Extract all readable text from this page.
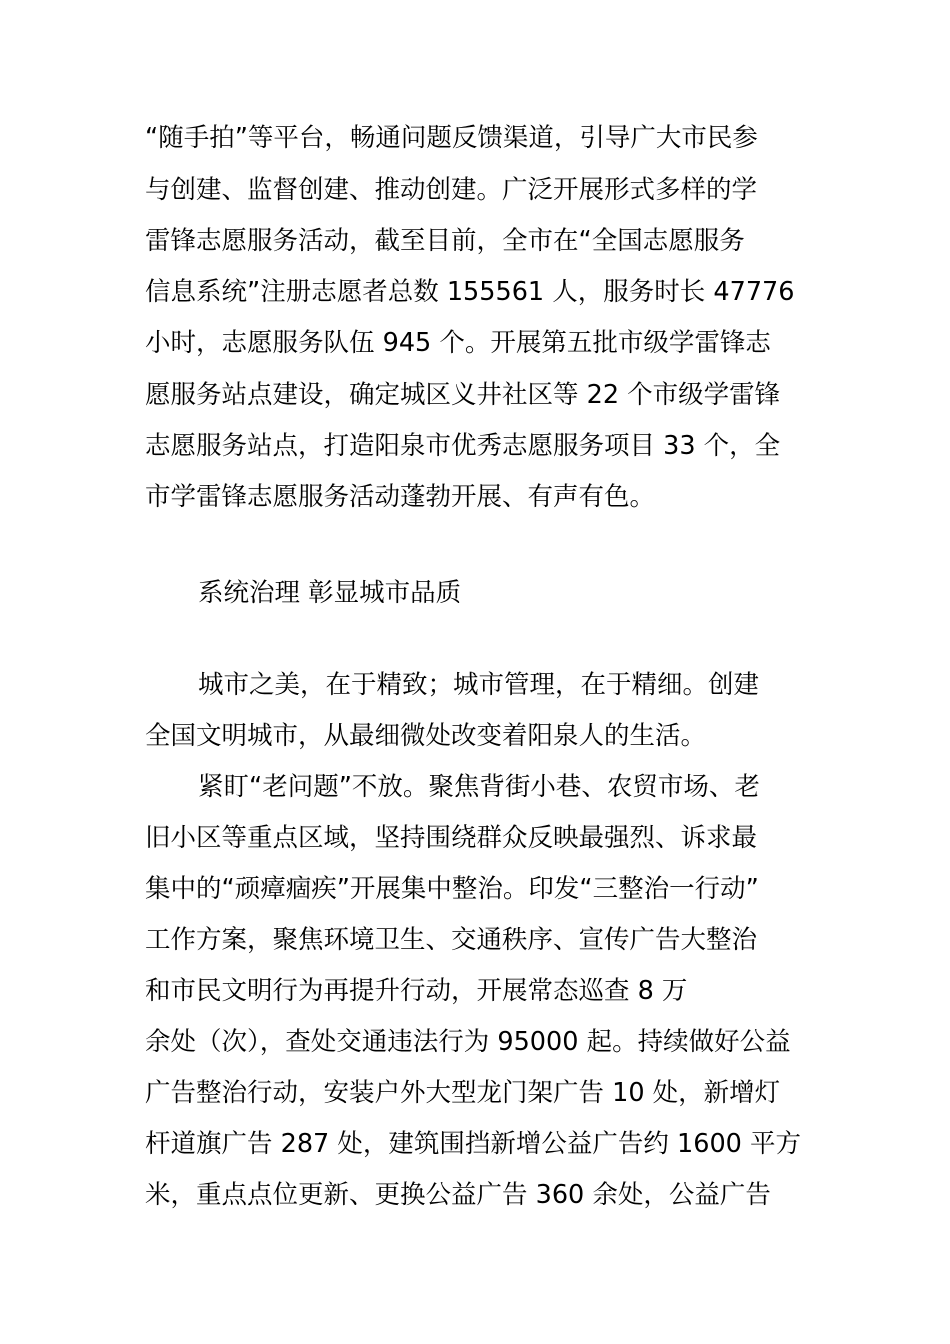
“随手拍”等平台，畅通问题反馈渠道，引导广大市民参
与创建、监督创建、推动创建。广泛开展形式多样的学
雷锋志愿服务活动，截至目前，全市在“全国志愿服务
信息系统”注册志愿者总数 155561 人，服务时长 47776
小时，志愿服务队伍 945 个。开展第五批市级学雷锋志
愿服务站点建设，确定城区义井社区等 22 个市级学雷锋
志愿服务站点，打造阳泉市优秀志愿服务项目 33 个，全
市学雷锋志愿服务活动蓬勃开展、有声有色。
系统治理 彰显城市品质
城市之美，在于精致；城市管理，在于精细。创建
全国文明城市，从最细微处改变着阳泉人的生活。
紧盯“老问题”不放。聚焦背街小巷、农贸市场、老
旧小区等重点区域，坚持围绕群众反映最强烈、诉求最
集中的“顽瘴痼疾”开展集中整治。印发“三整治一行动”
工作方案，聚焦环境卫生、交通秩序、宣传广告大整治
和市民文明行为再提升行动，开展常态巡查 8 万
余处（次），查处交通违法行为 95000 起。持续做好公益
广告整治行动，安装户外大型龙门架广告 10 处，新增灯
杆道旗广告 287 处，建筑围挡新增公益广告约 1600 平方
米，重点点位更新、更换公益广告 360 余处，公益广告
